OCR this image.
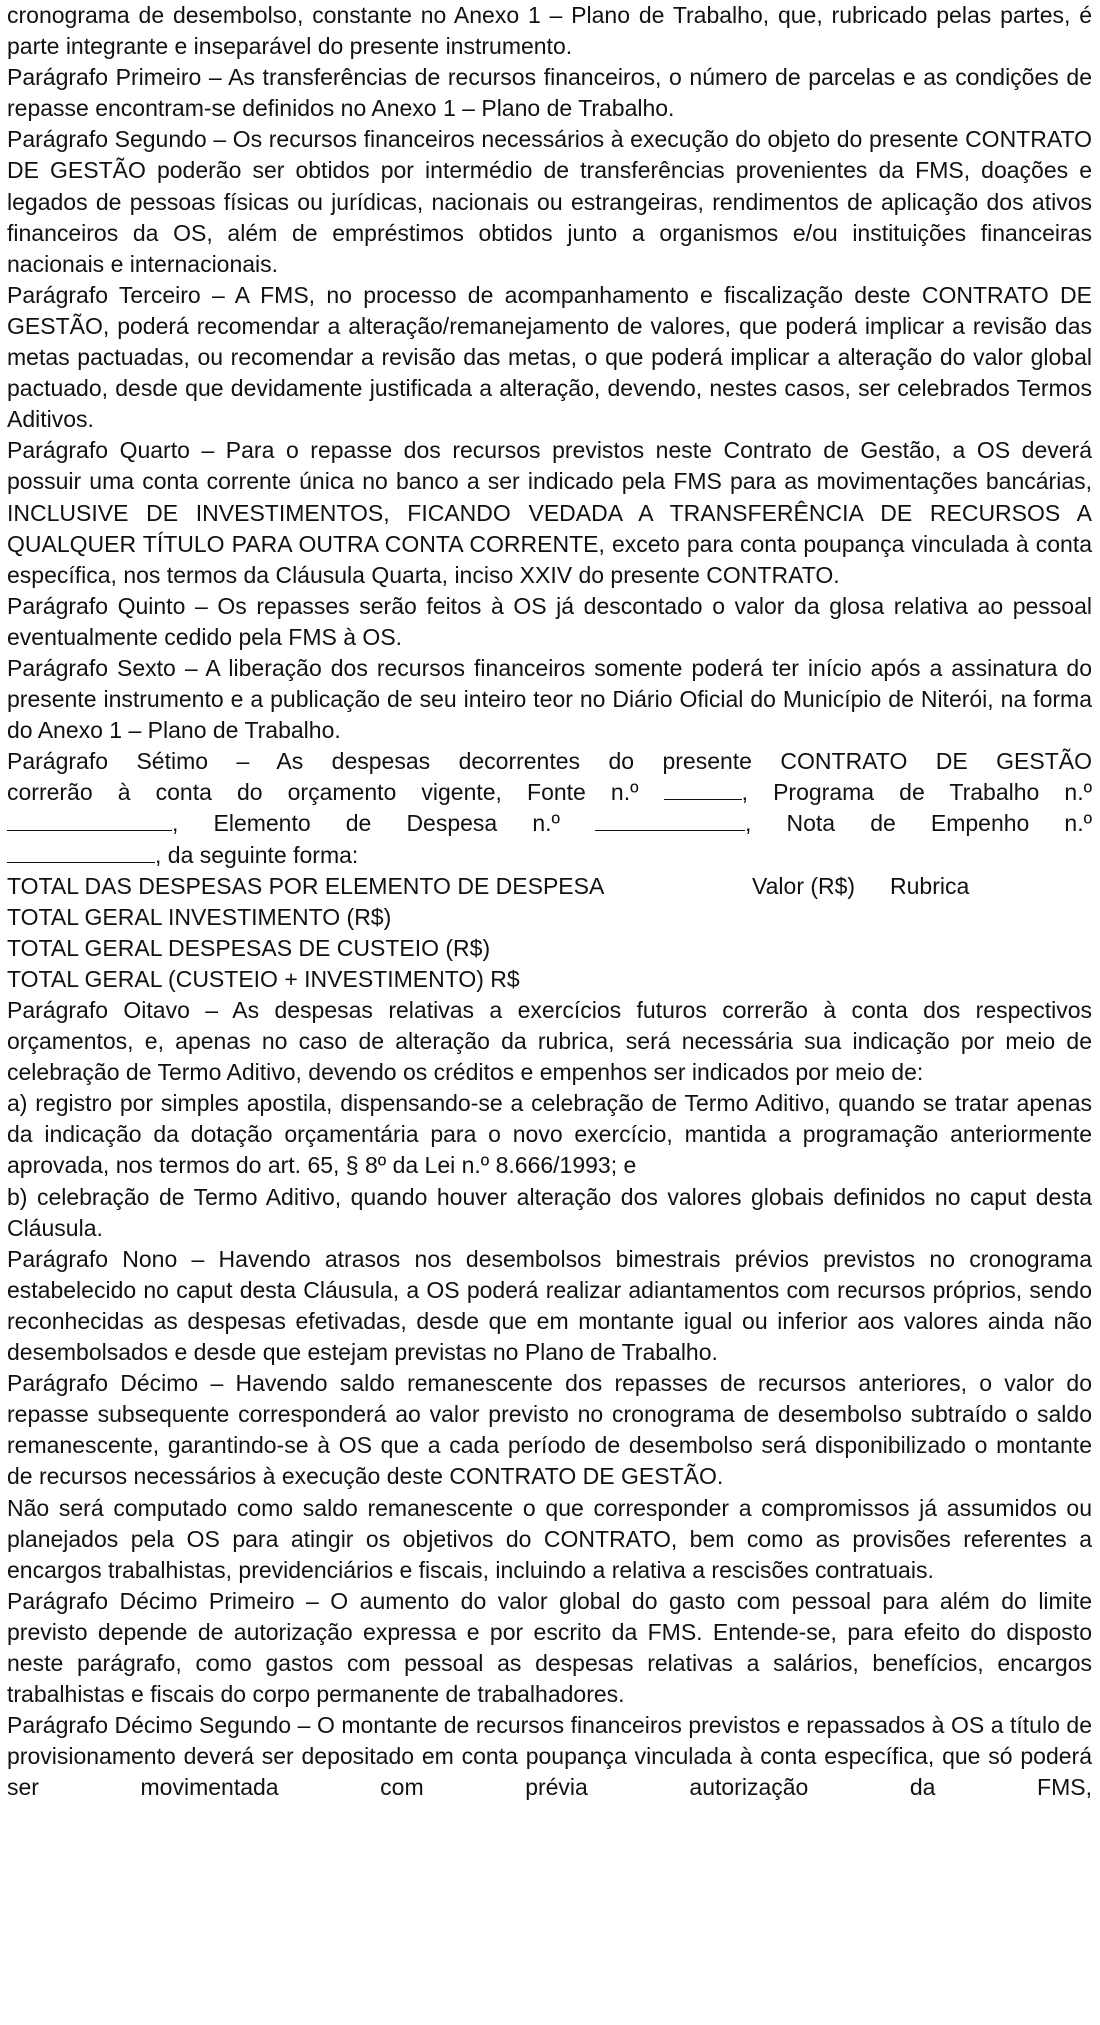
cronograma de desembolso, constante no Anexo 1 – Plano de Trabalho, que, rubricado pelas partes, é parte integrante e inseparável do presente instrumento.

Parágrafo Primeiro – As transferências de recursos financeiros, o número de parcelas e as condições de repasse encontram-se definidos no Anexo 1 – Plano de Trabalho.

Parágrafo Segundo – Os recursos financeiros necessários à execução do objeto do presente CONTRATO DE GESTÃO poderão ser obtidos por intermédio de transferências provenientes da FMS, doações e legados de pessoas físicas ou jurídicas, nacionais ou estrangeiras, rendimentos de aplicação dos ativos financeiros da OS, além de empréstimos obtidos junto a organismos e/ou instituições financeiras nacionais e internacionais.

Parágrafo Terceiro – A FMS, no processo de acompanhamento e fiscalização deste CONTRATO DE GESTÃO, poderá recomendar a alteração/remanejamento de valores, que poderá implicar a revisão das metas pactuadas, ou recomendar a revisão das metas, o que poderá implicar a alteração do valor global pactuado, desde que devidamente justificada a alteração, devendo, nestes casos, ser celebrados Termos Aditivos.

Parágrafo Quarto – Para o repasse dos recursos previstos neste Contrato de Gestão, a OS deverá possuir uma conta corrente única no banco a ser indicado pela FMS para as movimentações bancárias, INCLUSIVE DE INVESTIMENTOS, FICANDO VEDADA A TRANSFERÊNCIA DE RECURSOS A QUALQUER TÍTULO PARA OUTRA CONTA CORRENTE, exceto para conta poupança vinculada à conta específica, nos termos da Cláusula Quarta, inciso XXIV do presente CONTRATO.

Parágrafo Quinto – Os repasses serão feitos à OS já descontado o valor da glosa relativa ao pessoal eventualmente cedido pela FMS à OS.

Parágrafo Sexto – A liberação dos recursos financeiros somente poderá ter início após a assinatura do presente instrumento e a publicação de seu inteiro teor no Diário Oficial do Município de Niterói, na forma do Anexo 1 – Plano de Trabalho.

Parágrafo Sétimo – As despesas decorrentes do presente CONTRATO DE GESTÃO

correrão à conta do orçamento vigente, Fonte n.º	, Programa de Trabalho n.º

, Elemento de Despesa n.º	, Nota de Empenho n.º

, da seguinte forma:

TOTAL DAS DESPESAS POR ELEMENTO DE DESPESA	Valor (R$)	Rubrica
TOTAL GERAL INVESTIMENTO (R$)
TOTAL GERAL DESPESAS DE CUSTEIO (R$)
TOTAL GERAL (CUSTEIO + INVESTIMENTO) R$

Parágrafo Oitavo – As despesas relativas a exercícios futuros correrão à conta dos respectivos orçamentos, e, apenas no caso de alteração da rubrica, será necessária sua indicação por meio de celebração de Termo Aditivo, devendo os créditos e empenhos ser indicados por meio de:

a) registro por simples apostila, dispensando-se a celebração de Termo Aditivo, quando se tratar apenas da indicação da dotação orçamentária para o novo exercício, mantida a programação anteriormente aprovada, nos termos do art. 65, § 8º da Lei n.º 8.666/1993; e

b) celebração de Termo Aditivo, quando houver alteração dos valores globais definidos no caput desta Cláusula.

Parágrafo Nono – Havendo atrasos nos desembolsos bimestrais prévios previstos no cronograma estabelecido no caput desta Cláusula, a OS poderá realizar adiantamentos com recursos próprios, sendo reconhecidas as despesas efetivadas, desde que em montante igual ou inferior aos valores ainda não desembolsados e desde que estejam previstas no Plano de Trabalho.

Parágrafo Décimo – Havendo saldo remanescente dos repasses de recursos anteriores, o valor do repasse subsequente corresponderá ao valor previsto no cronograma de desembolso subtraído o saldo remanescente, garantindo-se à OS que a cada período de desembolso será disponibilizado o montante de recursos necessários à execução deste CONTRATO DE GESTÃO.

Não será computado como saldo remanescente o que corresponder a compromissos já assumidos ou planejados pela OS para atingir os objetivos do CONTRATO, bem como as provisões referentes a encargos trabalhistas, previdenciários e fiscais, incluindo a relativa a rescisões contratuais.

Parágrafo Décimo Primeiro – O aumento do valor global do gasto com pessoal para além do limite previsto depende de autorização expressa e por escrito da FMS. Entende-se, para efeito do disposto neste parágrafo, como gastos com pessoal as despesas relativas a salários, benefícios, encargos trabalhistas e fiscais do corpo permanente de trabalhadores.

Parágrafo Décimo Segundo – O montante de recursos financeiros previstos e repassados à OS a título de provisionamento deverá ser depositado em conta poupança vinculada à conta específica, que só poderá ser movimentada com prévia autorização da FMS,
